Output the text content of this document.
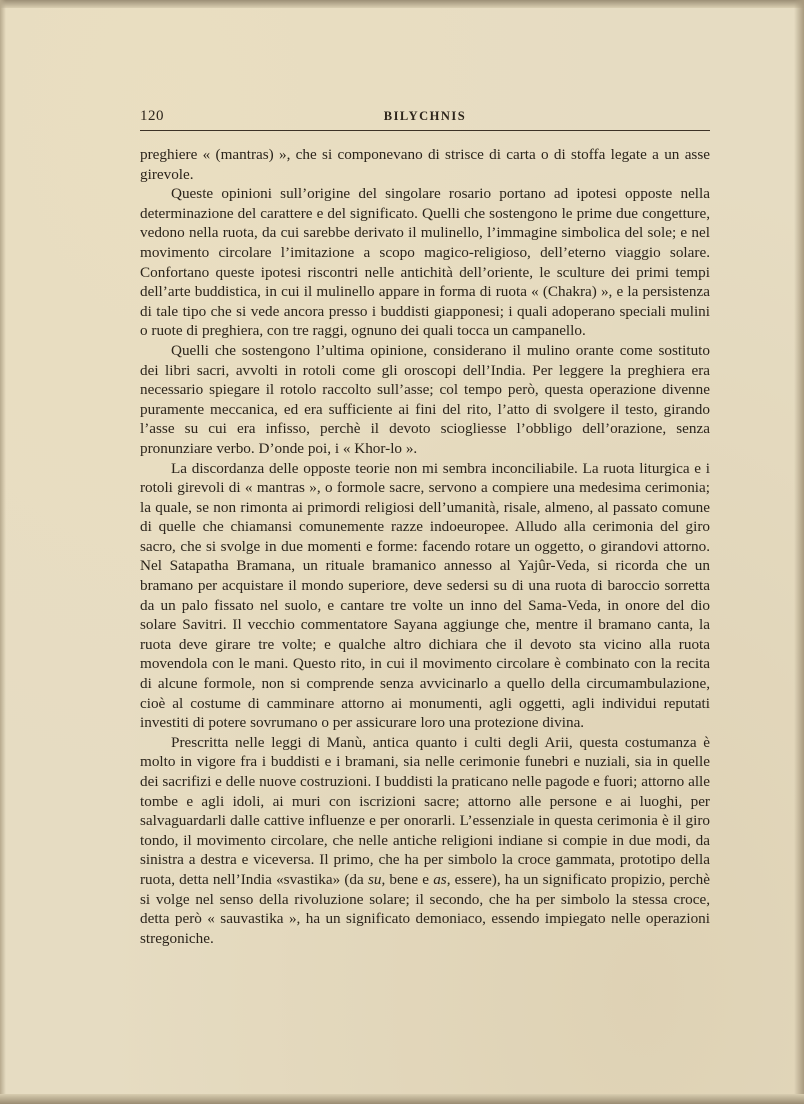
120	BILYCHNIS

preghiere « (mantras) », che si componevano di strisce di carta o di stoffa legate a un asse girevole.

Queste opinioni sull’origine del singolare rosario portano ad ipotesi opposte nella determinazione del carattere e del significato. Quelli che sostengono le prime due congetture, vedono nella ruota, da cui sarebbe derivato il mulinello, l’immagine simbolica del sole; e nel movimento circolare l’imitazione a scopo magico-religioso, dell’eterno viaggio solare. Confortano queste ipotesi riscontri nelle antichità dell’oriente, le sculture dei primi tempi dell’arte buddistica, in cui il mulinello appare in forma di ruota « (Chakra) », e la persistenza di tale tipo che si vede ancora presso i buddisti giapponesi; i quali adoperano speciali mulini o ruote di preghiera, con tre raggi, ognuno dei quali tocca un campanello.

Quelli che sostengono l’ultima opinione, considerano il mulino orante come sostituto dei libri sacri, avvolti in rotoli come gli oroscopi dell’India. Per leggere la preghiera era necessario spiegare il rotolo raccolto sull’asse; col tempo però, questa operazione divenne puramente meccanica, ed era sufficiente ai fini del rito, l’atto di svolgere il testo, girando l’asse su cui era infisso, perchè il devoto sciogliesse l’obbligo dell’orazione, senza pronunziare verbo. D’onde poi, i « Khor-lo ».

La discordanza delle opposte teorie non mi sembra inconciliabile. La ruota liturgica e i rotoli girevoli di « mantras », o formole sacre, servono a compiere una medesima cerimonia; la quale, se non rimonta ai primordi religiosi dell’umanità, risale, almeno, al passato comune di quelle che chiamansi comunemente razze indoeuropee. Alludo alla cerimonia del giro sacro, che si svolge in due momenti e forme: facendo rotare un oggetto, o girandovi attorno. Nel Satapatha Bramana, un rituale bramanico annesso al Yajûr-Veda, si ricorda che un bramano per acquistare il mondo superiore, deve sedersi su di una ruota di baroccio sorretta da un palo fissato nel suolo, e cantare tre volte un inno del Sama-Veda, in onore del dio solare Savitri. Il vecchio commentatore Sayana aggiunge che, mentre il bramano canta, la ruota deve girare tre volte; e qualche altro dichiara che il devoto sta vicino alla ruota movendola con le mani. Questo rito, in cui il movimento circolare è combinato con la recita di alcune formole, non si comprende senza avvicinarlo a quello della circumambulazione, cioè al costume di camminare attorno ai monumenti, agli oggetti, agli individui reputati investiti di potere sovrumano o per assicurare loro una protezione divina.

Prescritta nelle leggi di Manù, antica quanto i culti degli Arii, questa costumanza è molto in vigore fra i buddisti e i bramani, sia nelle cerimonie funebri e nuziali, sia in quelle dei sacrifizi e delle nuove costruzioni. I buddisti la praticano nelle pagode e fuori; attorno alle tombe e agli idoli, ai muri con iscrizioni sacre; attorno alle persone e ai luoghi, per salvaguardarli dalle cattive influenze e per onorarli. L’essenziale in questa cerimonia è il giro tondo, il movimento circolare, che nelle antiche religioni indiane si compie in due modi, da sinistra a destra e viceversa. Il primo, che ha per simbolo la croce gammata, prototipo della ruota, detta nell’India «svastika» (da su, bene e as, essere), ha un significato propizio, perchè si volge nel senso della rivoluzione solare; il secondo, che ha per simbolo la stessa croce, detta però « sauvastika », ha un significato demoniaco, essendo impiegato nelle operazioni stregoniche.
